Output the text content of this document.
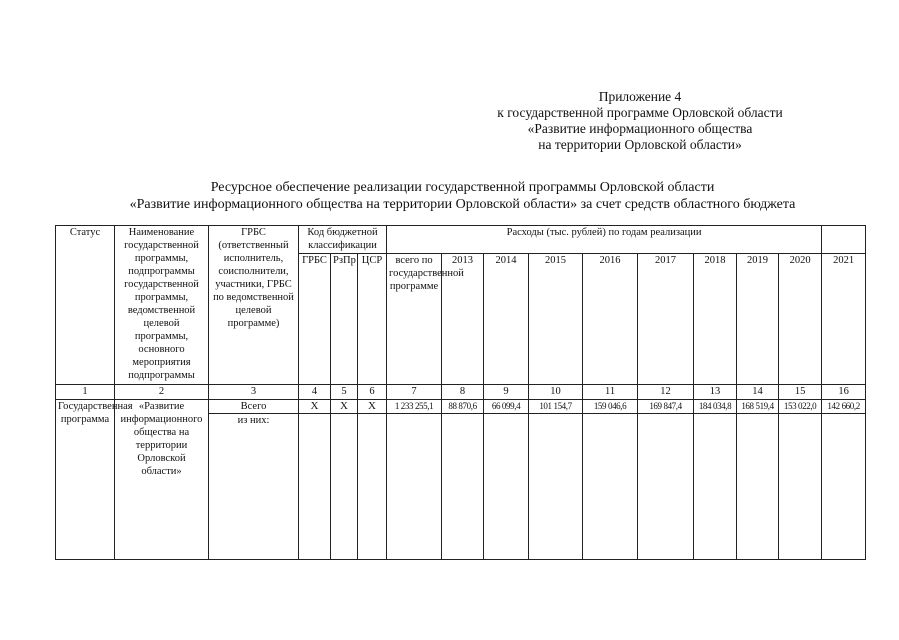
Приложение 4
к государственной программе Орловской области
«Развитие информационного общества
на территории Орловской области»
Ресурсное обеспечение реализации государственной программы Орловской области
«Развитие информационного общества на территории Орловской области» за счет средств областного бюджета
Статус	Наименование государственной программы, подпрограммы государственной программы, ведомственной целевой программы, основного мероприятия подпрограммы	ГРБС (ответственный исполнитель, соисполнители, участники, ГРБС по ведомственной целевой программе)	Код бюджетной классификации			Расходы (тыс. рублей) по годам реализации									
			ГРБС	РзПр	ЦСР	всего по государственной программе	2013	2014	2015	2016	2017	2018	2019	2020	2021
1	2	3	4	5	6	7	8	9	10	11	12	13	14	15	16
Государственная программа	«Развитие информационного общества на территории Орловской области»	Всего	X	X	X	1 233 255,1	88 870,6	66 099,4	101 154,7	159 046,6	169 847,4	184 034,8	168 519,4	153 022,0	142 660,2
		из них:													
